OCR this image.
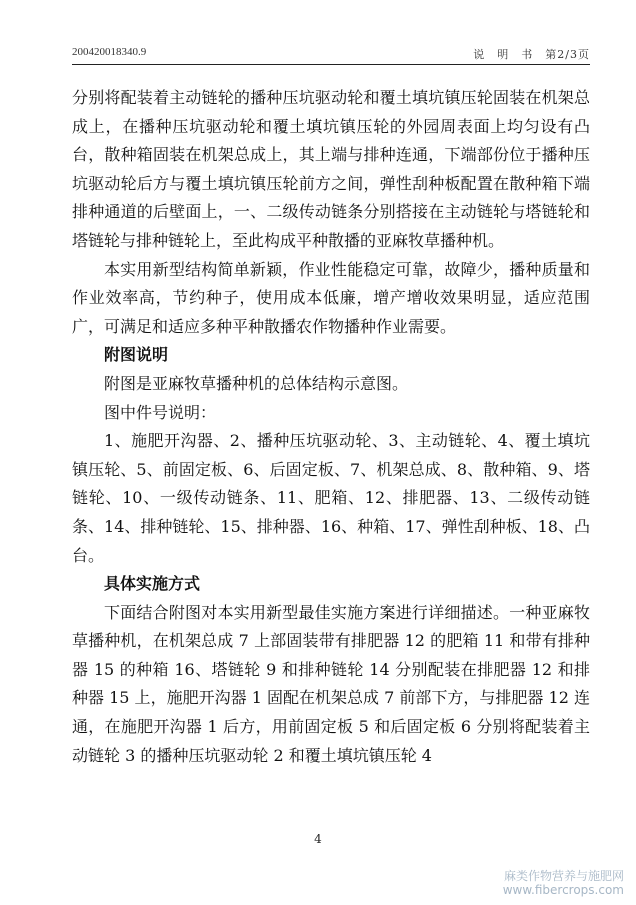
200420018340.9	说　明　书　第2/3页

分别将配装着主动链轮的播种压坑驱动轮和覆土填坑镇压轮固装在机架总成上，在播种压坑驱动轮和覆土填坑镇压轮的外园周表面上均匀设有凸台，散种箱固装在机架总成上，其上端与排种连通，下端部份位于播种压坑驱动轮后方与覆土填坑镇压轮前方之间，弹性刮种板配置在散种箱下端排种通道的后壁面上，一、二级传动链条分别搭接在主动链轮与塔链轮和塔链轮与排种链轮上，至此构成平种散播的亚麻牧草播种机。

本实用新型结构简单新颖，作业性能稳定可靠，故障少，播种质量和作业效率高，节约种子，使用成本低廉，增产增收效果明显，适应范围广，可满足和适应多种平种散播农作物播种作业需要。

附图说明

附图是亚麻牧草播种机的总体结构示意图。

图中件号说明：

1、施肥开沟器、2、播种压坑驱动轮、3、主动链轮、4、覆土填坑镇压轮、5、前固定板、6、后固定板、7、机架总成、8、散种箱、9、塔链轮、10、一级传动链条、11、肥箱、12、排肥器、13、二级传动链条、14、排种链轮、15、排种器、16、种箱、17、弹性刮种板、18、凸台。

具体实施方式

下面结合附图对本实用新型最佳实施方案进行详细描述。一种亚麻牧草播种机，在机架总成 7 上部固装带有排肥器 12 的肥箱 11 和带有排种器 15 的种箱 16、塔链轮 9 和排种链轮 14 分别配装在排肥器 12 和排种器 15 上，施肥开沟器 1 固配在机架总成 7 前部下方，与排肥器 12 连通，在施肥开沟器 1 后方，用前固定板 5 和后固定板 6 分别将配装着主动链轮 3 的播种压坑驱动轮 2 和覆土填坑镇压轮 4

4
麻类作物营养与施肥网
www.fibercrops.com
